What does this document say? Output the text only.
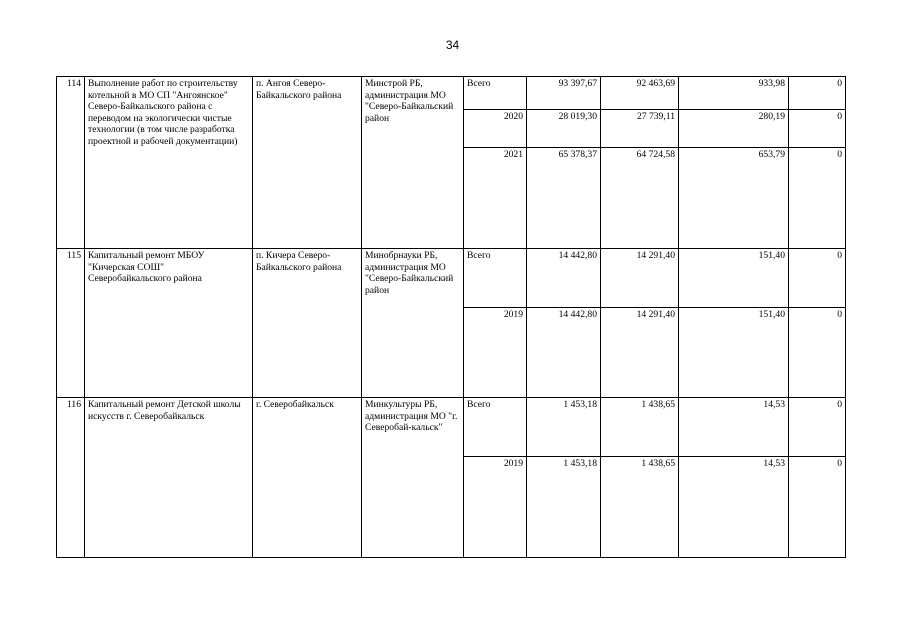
34
114	Выполнение работ по строительству котельной в МО СП "Ангоянское" Северо-Байкальского района с переводом на экологически чистые технологии (в том числе разработка проектной и рабочей документации)	п. Ангоя Северо-Байкальского района	Минстрой РБ, администрация МО "Северо-Байкальский район	Всего	93 397,67	92 463,69	933,98	0
				2020	28 019,30	27 739,11	280,19	0
				2021	65 378,37	64 724,58	653,79	0
115	Капитальный ремонт МБОУ "Кичерская СОШ" Северобайкальского района	п. Кичера Северо-Байкальского района	Минобрнауки РБ, администрация МО "Северо-Байкальский район	Всего	14 442,80	14 291,40	151,40	0
				2019	14 442,80	14 291,40	151,40	0
116	Капитальный ремонт Детской школы искусств г. Северобайкальск	г. Северобайкальск	Минкультуры РБ, администрация МО "г. Северобай-кальск"	Всего	1 453,18	1 438,65	14,53	0
				2019	1 453,18	1 438,65	14,53	0
